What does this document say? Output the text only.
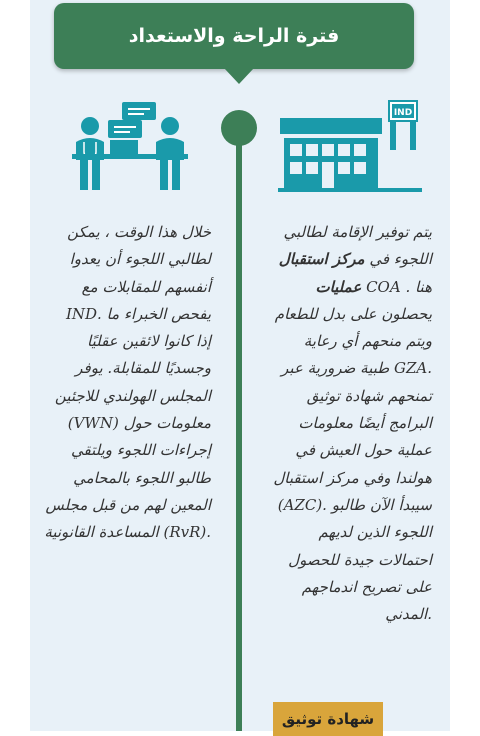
فترة الراحة والاستعداد
IND
خلال هذا الوقت ، يمكن
لطالبي اللجوء أن يعدوا
أنفسهم للمقابلات مع
يفحص الخبراء ما .IND
إذا كانوا لائقين عقليًا
وجسديًا للمقابلة. يوفر
المجلس الهولندي للاجئين
معلومات حول (VWN)
إجراءات اللجوء ويلتقي
طالبو اللجوء بالمحامي
المعين لهم من قبل مجلس
.(RvR) المساعدة القانونية
يتم توفير الإقامة لطالبي
اللجوء في مركز استقبال
هنا . COA عمليات
يحصلون على بدل للطعام
ويتم منحهم أي رعاية
.GZA طبية ضرورية عبر
تمنحهم شهادة توثيق
البرامج أيضًا معلومات
عملية حول العيش في
هولندا وفي مركز استقبال
سيبدأ الآن طالبو .(AZC)
اللجوء الذين لديهم
احتمالات جيدة للحصول
على تصريح اندماجهم
.المدني
شهادة توثيق
